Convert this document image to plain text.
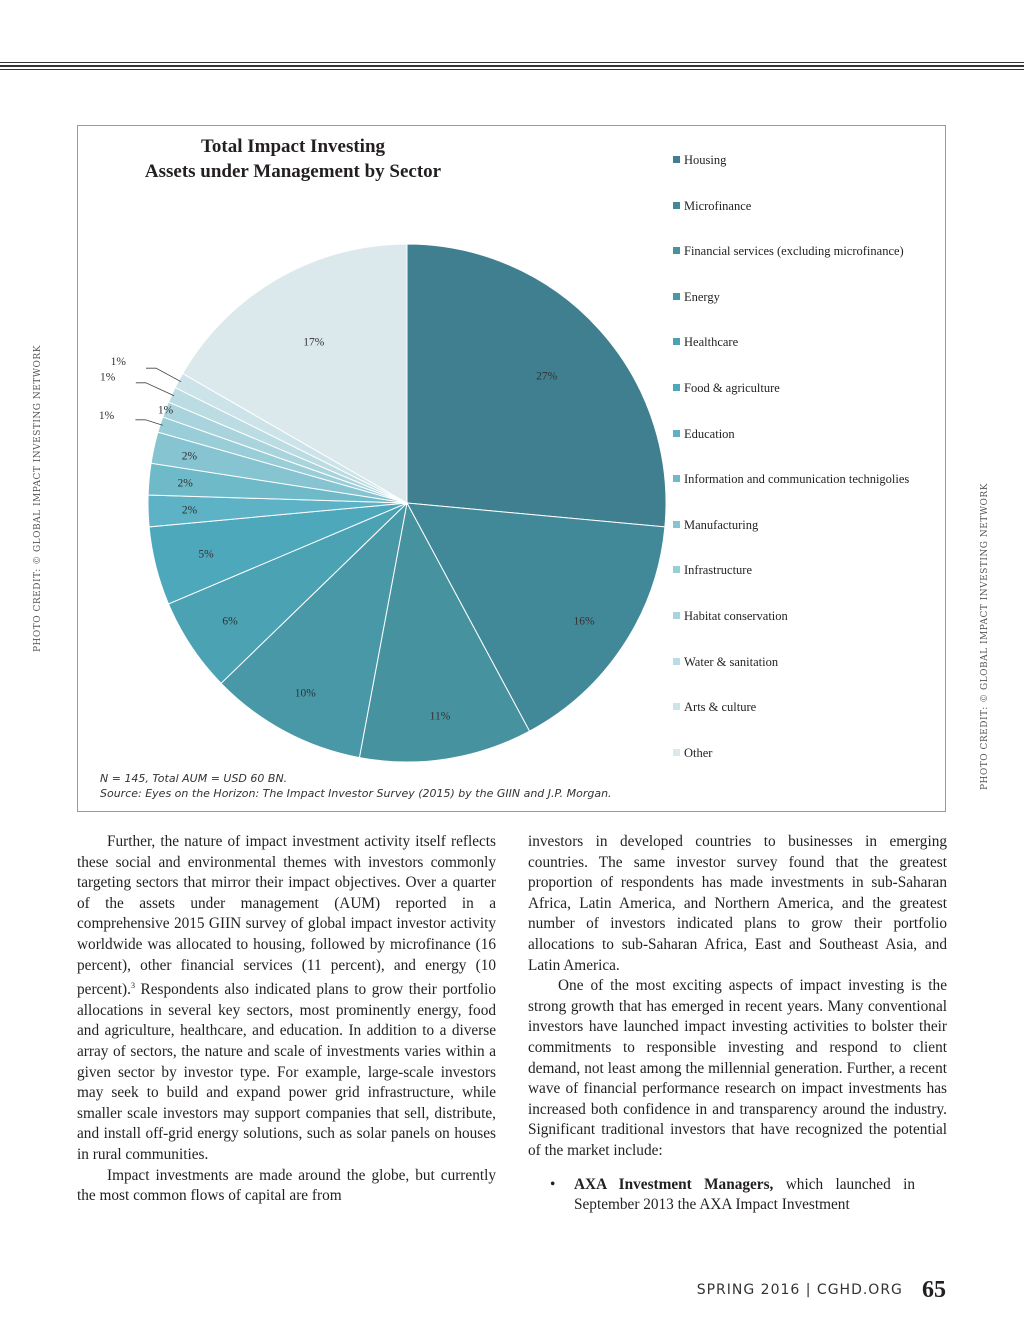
PHOTO CREDIT: © GLOBAL IMPACT INVESTING NETWORK	PHOTO CREDIT: © GLOBAL IMPACT INVESTING NETWORK
27%
16%
11%
10%
6%
5%
2%
2%
2%
1%	1%
1%
1%
17%
Total Impact Investing
Assets under Management by Sector
Housing
Microfinance
Financial services (excluding microfinance)
Energy
Healthcare
Food & agriculture
Education
Information and communication technigolies
Manufacturing
Infrastructure
Habitat conservation
Water & sanitation
Arts & culture
Other
N = 145, Total AUM = USD 60 BN.
Source: Eyes on the Horizon: The Impact Investor Survey (2015) by the GIIN and J.P. Morgan.

Further, the nature of impact investment activity itself reflects these social and environmental themes with investors commonly targeting sectors that mirror their impact objectives. Over a quarter of the assets under management (AUM) reported in a comprehensive 2015 GIIN survey of global impact investor activity worldwide was allocated to housing, followed by microfinance (16 percent), other financial services (11 percent), and energy (10 percent).$^3$ Respondents also indicated plans to grow their portfolio allocations in several key sectors, most prominently energy, food and agriculture, healthcare, and education. In addition to a diverse array of sectors, the nature and scale of investments varies within a given sector by investor type. For example, large-scale investors may seek to build and expand power grid infrastructure, while smaller scale investors may support companies that sell, distribute, and install off-grid energy solutions, such as solar panels on houses in rural communities.

Impact investments are made around the globe, but currently the most common flows of capital are from

investors in developed countries to businesses in emerging countries. The same investor survey found that the greatest proportion of respondents has made investments in sub-Saharan Africa, Latin America, and Northern America, and the greatest number of investors indicated plans to grow their portfolio allocations to sub-Saharan Africa, East and Southeast Asia, and Latin America.

One of the most exciting aspects of impact investing is the strong growth that has emerged in recent years. Many conventional investors have launched impact investing activities to bolster their commitments to responsible investing and respond to client demand, not least among the millennial generation. Further, a recent wave of financial performance research on impact investments has increased both confidence in and transparency around the industry. Significant traditional investors that have recognized the potential of the market include:

• AXA Investment Managers, which launched in September 2013 the AXA Impact Investment
SPRING 2016 | CGHD.ORG 65
